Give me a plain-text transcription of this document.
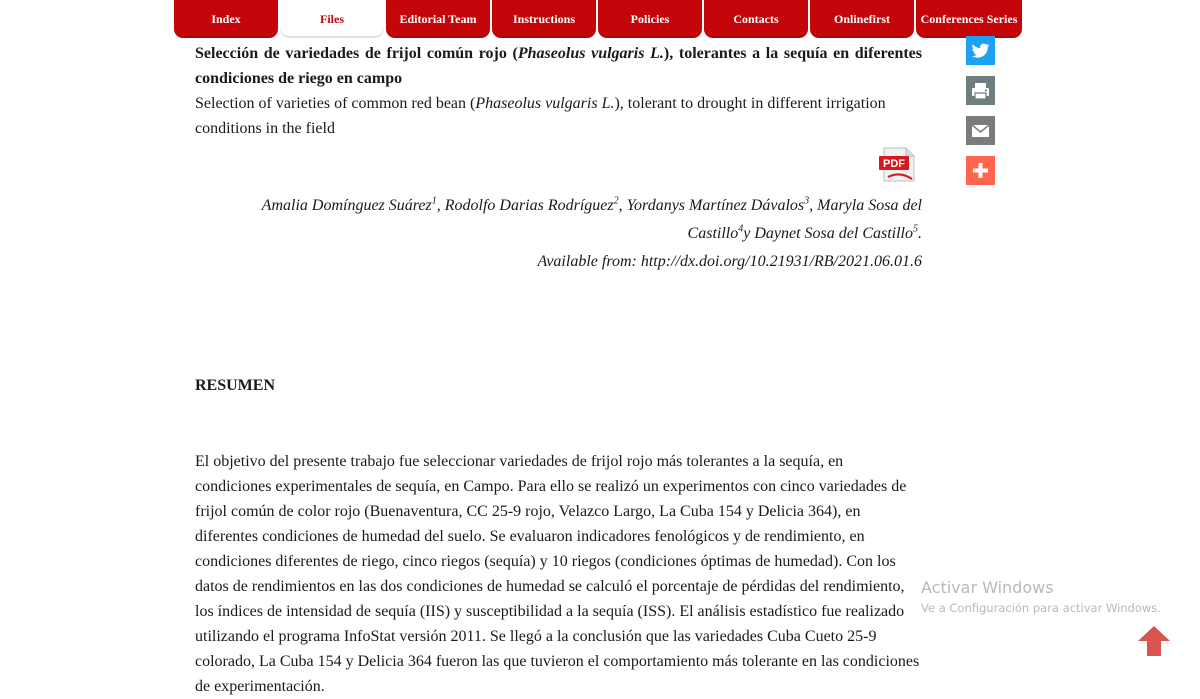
Index	Files	Editorial Team	Instructions	Policies	Contacts	Onlinefirst	Conferences Series
Selección de variedades de frijol común rojo (Phaseolus vulgaris L.), tolerantes a la sequía en diferentes condiciones de riego en campo

Selection of varieties of common red bean (Phaseolus vulgaris L.), tolerant to drought in different irrigation conditions in the field

PDF

Amalia Domínguez Suárez$^1$, Rodolfo Darias Rodríguez$^2$, Yordanys Martínez Dávalos$^3$, Maryla Sosa del Castillo$^4$y Daynet Sosa del Castillo$^5$.

Available from: http://dx.doi.org/10.21931/RB/2021.06.01.6

RESUMEN

El objetivo del presente trabajo fue seleccionar variedades de frijol rojo más tolerantes a la sequía, en condiciones experimentales de sequía, en Campo. Para ello se realizó un experimentos con cinco variedades de frijol común de color rojo (Buenaventura, CC 25-9 rojo, Velazco Largo, La Cuba 154 y Delicia 364), en diferentes condiciones de humedad del suelo. Se evaluaron indicadores fenológicos y de rendimiento, en condiciones diferentes de riego, cinco riegos (sequía) y 10 riegos (condiciones óptimas de humedad). Con los datos de rendimientos en las dos condiciones de humedad se calculó el porcentaje de pérdidas del rendimiento, los índices de intensidad de sequía (IIS) y susceptibilidad a la sequía (ISS). El análisis estadístico fue realizado utilizando el programa InfoStat versión 2011. Se llegó a la conclusión que las variedades Cuba Cueto 25-9 colorado, La Cuba 154 y Delicia 364 fueron las que tuvieron el comportamiento más tolerante en las condiciones de experimentación.

Activar Windows
Ve a Configuración para activar Windows.
